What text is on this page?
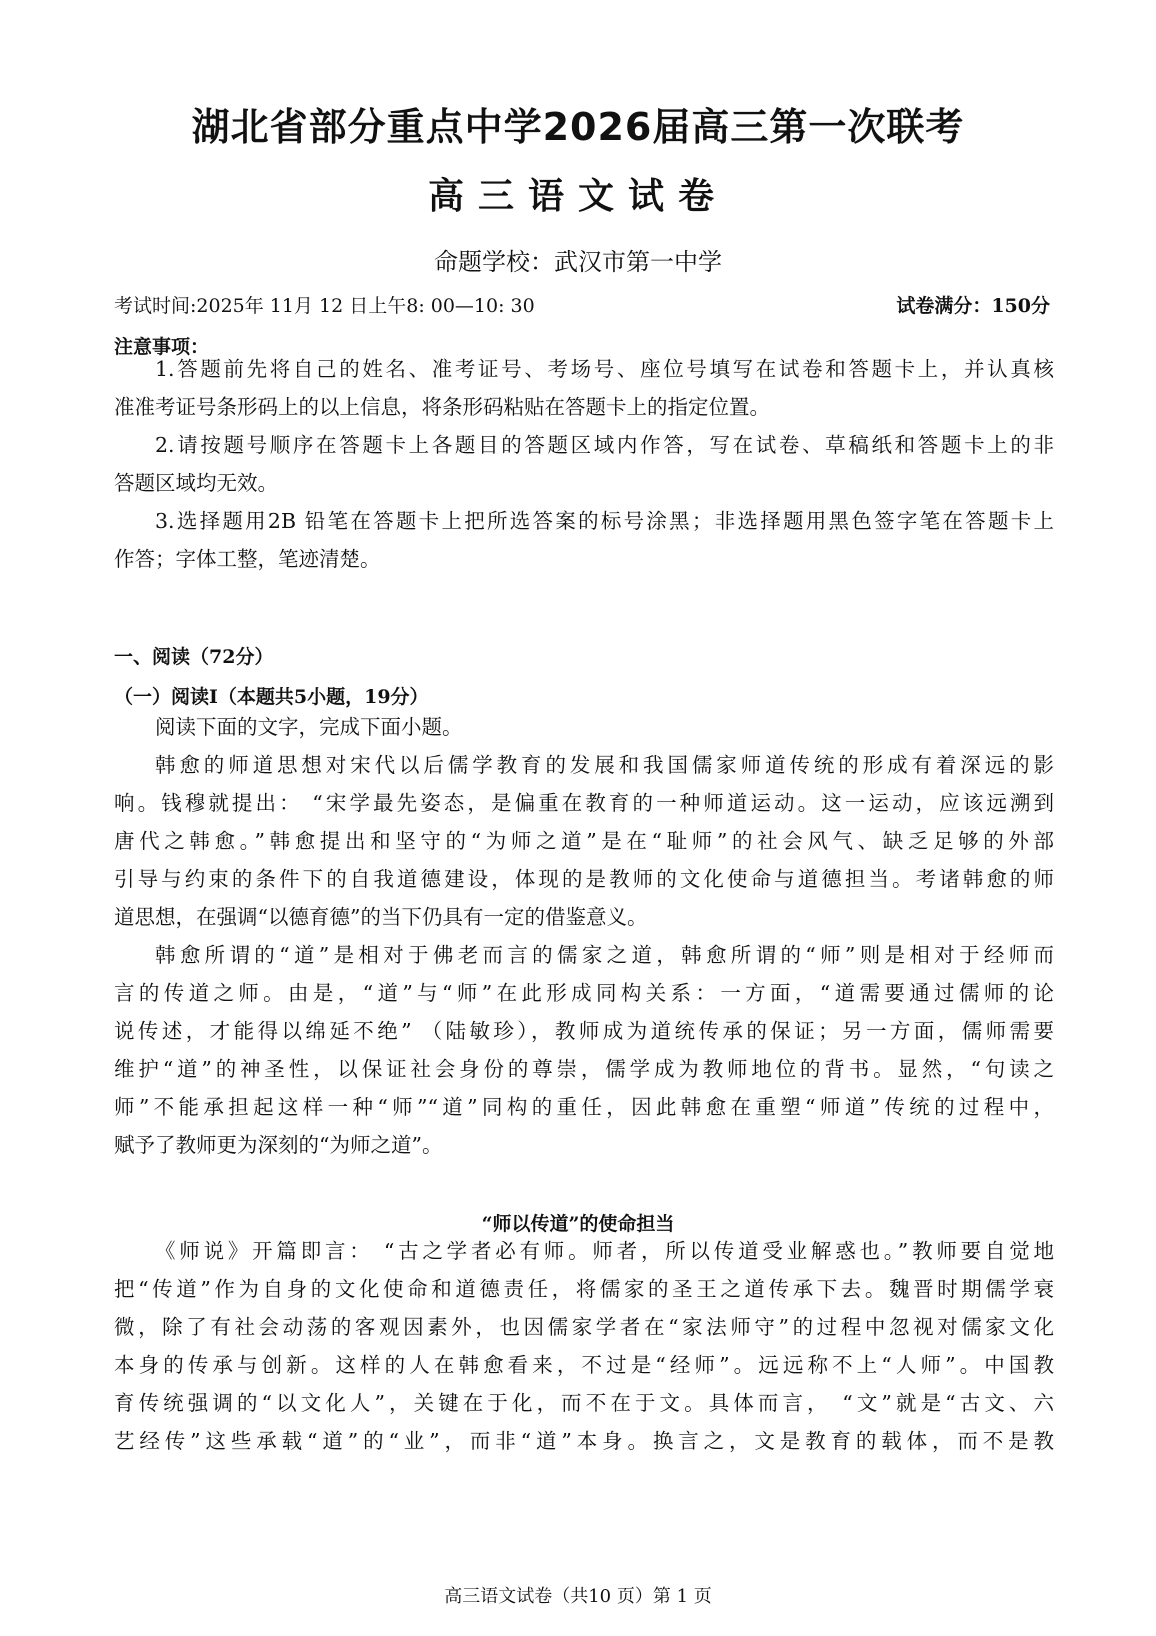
湖北省部分重点中学2026届高三第一次联考
高三语文试卷
命题学校：武汉市第一中学
考试时间:2025年 11月 12 日上午8: 00—10: 30	试卷满分：150分
注意事项：
1.答题前先将自己的姓名、准考证号、考场号、座位号填写在试卷和答题卡上，并认真核
准准考证号条形码上的以上信息，将条形码粘贴在答题卡上的指定位置。
2.请按题号顺序在答题卡上各题目的答题区域内作答，写在试卷、草稿纸和答题卡上的非
答题区域均无效。
3.选择题用2B 铅笔在答题卡上把所选答案的标号涂黑；非选择题用黑色签字笔在答题卡上
作答；字体工整，笔迹清楚。
一、阅读（72分）
（一）阅读Ⅰ（本题共5小题，19分）
阅读下面的文字，完成下面小题。
韩愈的师道思想对宋代以后儒学教育的发展和我国儒家师道传统的形成有着深远的影
响。钱穆就提出： “宋学最先姿态，是偏重在教育的一种师道运动。这一运动，应该远溯到
唐代之韩愈。”韩愈提出和坚守的“为师之道”是在“耻师”的社会风气、缺乏足够的外部
引导与约束的条件下的自我道德建设，体现的是教师的文化使命与道德担当。考诸韩愈的师
道思想，在强调“以德育德”的当下仍具有一定的借鉴意义。
韩愈所谓的“道”是相对于佛老而言的儒家之道，韩愈所谓的“师”则是相对于经师而
言的传道之师。由是，“道”与“师”在此形成同构关系：一方面，“道需要通过儒师的论
说传述，才能得以绵延不绝” （陆敏珍），教师成为道统传承的保证；另一方面，儒师需要
维护“道”的神圣性，以保证社会身份的尊崇，儒学成为教师地位的背书。显然，“句读之
师”不能承担起这样一种“师”“道”同构的重任，因此韩愈在重塑“师道”传统的过程中，
赋予了教师更为深刻的“为师之道”。
“师以传道”的使命担当
《师说》开篇即言： “古之学者必有师。师者，所以传道受业解惑也。”教师要自觉地
把“传道”作为自身的文化使命和道德责任，将儒家的圣王之道传承下去。魏晋时期儒学衰
微，除了有社会动荡的客观因素外，也因儒家学者在“家法师守”的过程中忽视对儒家文化
本身的传承与创新。这样的人在韩愈看来，不过是“经师”。远远称不上“人师”。中国教
育传统强调的“以文化人”，关键在于化，而不在于文。具体而言， “文”就是“古文、六
艺经传”这些承载“道”的“业”，而非“道”本身。换言之，文是教育的载体，而不是教
高三语文试卷（共10 页）第 1 页
